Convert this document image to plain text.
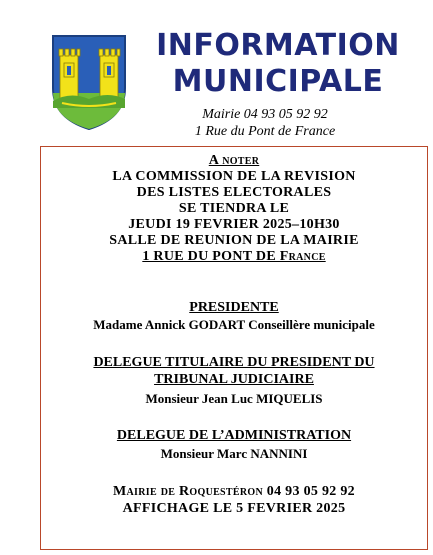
INFORMATION
MUNICIPALE
Mairie 04 93 05 92 92
1 Rue du Pont de France
A noter
LA COMMISSION DE LA REVISION
DES LISTES ELECTORALES
SE TIENDRA LE
JEUDI 19 FEVRIER 2025–10H30
SALLE DE REUNION DE LA MAIRIE
1 RUE DU PONT DE France
PRESIDENTE
Madame Annick GODART Conseillère municipale
DELEGUE TITULAIRE DU PRESIDENT DU
TRIBUNAL JUDICIAIRE
Monsieur Jean Luc MIQUELIS
DELEGUE DE L’ADMINISTRATION
Monsieur Marc NANNINI
Mairie de Roquestéron 04 93 05 92 92
AFFICHAGE LE 5 FEVRIER 2025
